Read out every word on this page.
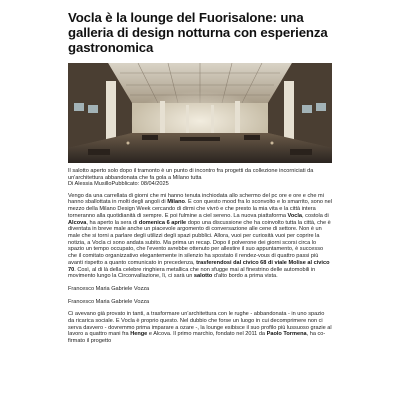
Vocla è la lounge del Fuorisalone: una galleria di design notturna con esperienza gastronomica

Il salotto aperto solo dopo il tramonto è un punto di incontro fra progetti da collezione incorniciati da un'architettura abbandonata che fa gola a Milano tutta
Di Alessia MusilloPubblicato: 08/04/2025

Vengo da una carrellata di giorni che mi hanno tenuta inchiodata allo schermo del pc ore e ore e che mi hanno sballottata in molti degli angoli di Milano. E con questo mood fra lo sconvolto e lo smarrito, sono nel mezzo della Milano Design Week cercando di dirmi che vivrò e che presto la mia vita e la città intera torneranno alla quotidianità di sempre. E poi fulmine a ciel sereno. La nuova piattaforma Vocla, costola di Alcova, ha aperto la sera di domenica 6 aprile dopo una discussione che ha coinvolto tutta la città, che è diventata in breve male anche un piacevole argomento di conversazione alle cene di settore. Non è un male che si torni a parlare degli utilizzi degli spazi pubblici. Allora, vuoi per curiosità vuoi per coprire la notizia, a Vocla ci sono andata subito. Ma prima un recap. Dopo il polverone dei giorni scorsi circa lo spazio un tempo occupato, che l'evento avrebbe ottenuto per allestire il suo appuntamento, è successo che il comitato organizzativo elegantemente in silenzio ha spostato il rendez-vous di quattro passi più avanti rispetto a quanto comunicato in precedenza, trasferendosi dal civico 68 di viale Molise al civico 70. Così, al di là della celebre ringhiera metallica che non sfugge mai al finestrino delle automobili in movimento lungo la Circonvallazione, lì, ci sarà un salotto d'alto bordo a prima vista.

Francesco Maria Gabriele Vozza

Francesco Maria Gabriele Vozza

Ci avevano già provato in tanti, a trasformare un'architettura con le rughe - abbandonata - in uno spazio da ricarica sociale. E Vocla è proprio questo. Nel dubbio che forse un luogo in cui decomprimere non ci serva davvero - dovremmo prima imparare a ozare -, la lounge esibisce il suo profilo più lussuoso grazie al lavoro a quattro mani fra Henge e Alcova. Il primo marchio, fondato nel 2011 da Paolo Tormena, ha co-firmato il progetto
